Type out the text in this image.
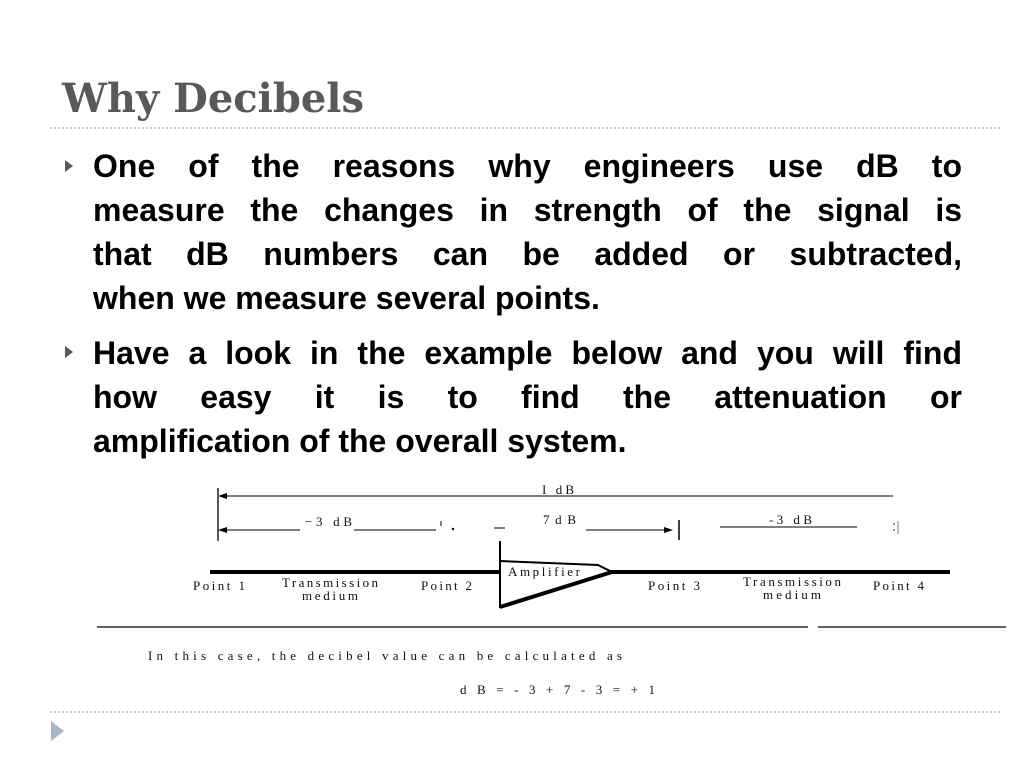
Why Decibels
One of the reasons why engineers use dB to
measure the changes in strength of the signal is
that dB numbers can be added or subtracted,
when we measure several points.
Have a look in the example below and you will find
how easy it is to find the attenuation or
amplification of the overall system.
I dB
−3 dB	7dB	-3 dB
Amplifier
Point 1	Transmission
medium
Point 2	Point 3	Transmission
medium
Point 4
In this case, the decibel value can be calculated as
dB=-3+7-3=+1
